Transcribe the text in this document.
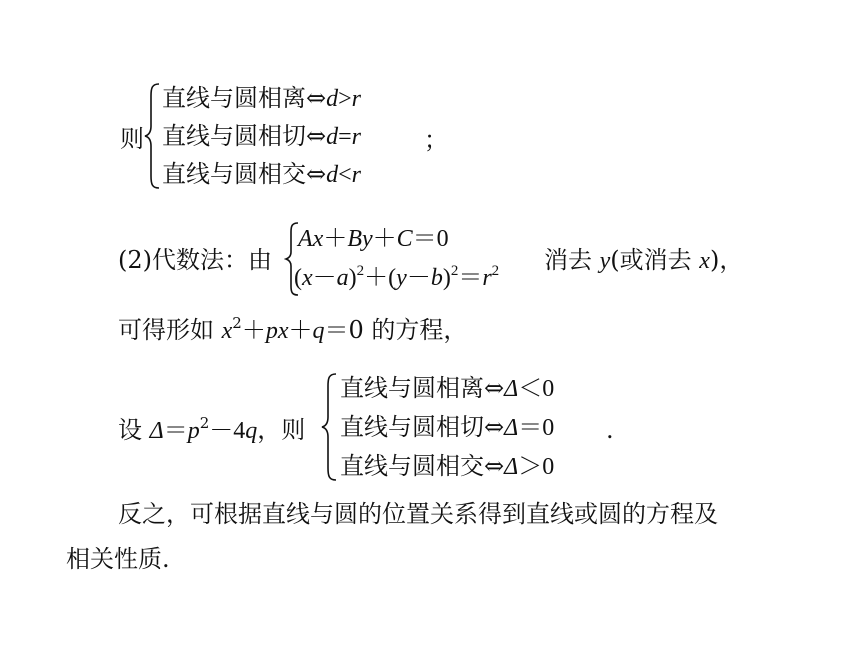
则
直线与圆相离⇔d>r
直线与圆相切⇔d=r
直线与圆相交⇔d<r
；
(2)代数法：由
Ax＋By＋C＝0
$(x-a)^2+(y-b)^2=r^2$ 消去 y(或消去 x)，
可得形如 $x^2+px+q=0$ 的方程，
设 $\Delta=p^2-4q$，则
直线与圆相离⇔Δ＜0
直线与圆相切⇔Δ＝0
直线与圆相交⇔Δ＞0
.
反之，可根据直线与圆的位置关系得到直线或圆的方程及
相关性质.
